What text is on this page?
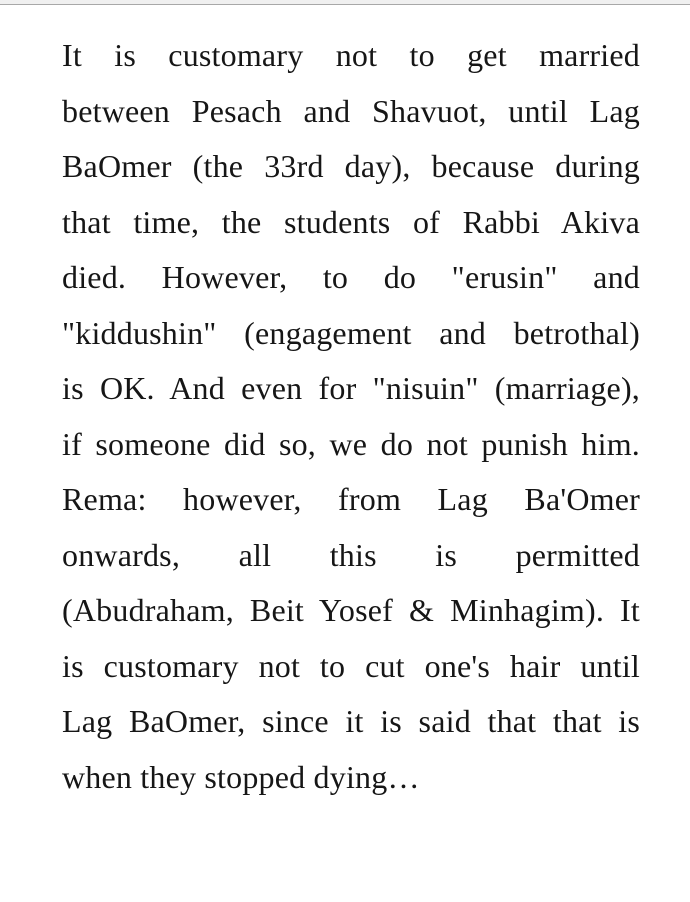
It is customary not to get married
between Pesach and Shavuot, until Lag
BaOmer (the 33rd day), because during
that time, the students of Rabbi Akiva
died. However, to do "erusin" and
"kiddushin" (engagement and betrothal)
is OK. And even for "nisuin" (marriage),
if someone did so, we do not punish him.
Rema: however, from Lag Ba'Omer
onwards, all this is permitted
(Abudraham, Beit Yosef & Minhagim). It
is customary not to cut one's hair until
Lag BaOmer, since it is said that that is
when they stopped dying…
